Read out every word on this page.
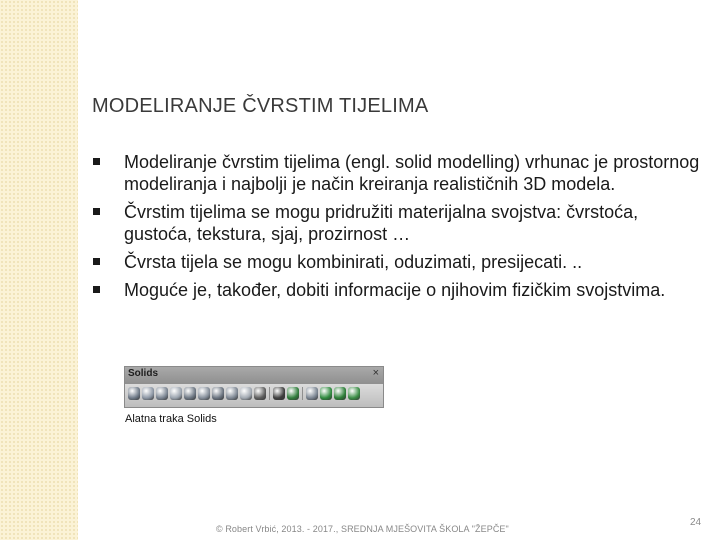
MODELIRANJE ČVRSTIM TIJELIMA
Modeliranje čvrstim tijelima (engl. solid modelling) vrhunac je prostornog modeliranja i najbolji je način kreiranja realističnih 3D modela.
Čvrstim tijelima se mogu pridružiti materijalna svojstva: čvrstoća, gustoća, tekstura, sjaj, prozirnost …
Čvrsta tijela se mogu kombinirati, oduzimati, presijecati. ..
Moguće je, također, dobiti informacije o njihovim fizičkim svojstvima.
Solids	×
Alatna traka Solids
© Robert Vrbić, 2013. - 2017., SREDNJA MJEŠOVITA ŠKOLA "ŽEPČE"
24
